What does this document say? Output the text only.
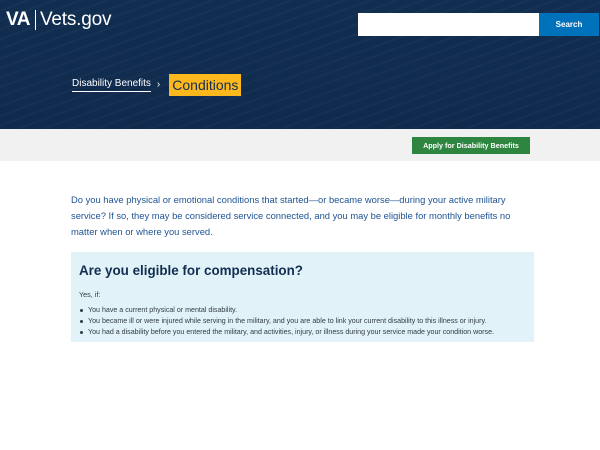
VA Vets.gov	Search
Disability Benefits › Conditions
Apply for Disability Benefits

Do you have physical or emotional conditions that started—or became worse—during your active military service? If so, they may be considered service connected, and you may be eligible for monthly benefits no matter when or where you served.

Are you eligible for compensation?

Yes, if:

You have a current physical or mental disability.
You became ill or were injured while serving in the military, and you are able to link your current disability to this illness or injury.
You had a disability before you entered the military, and activities, injury, or illness during your service made your condition worse.
